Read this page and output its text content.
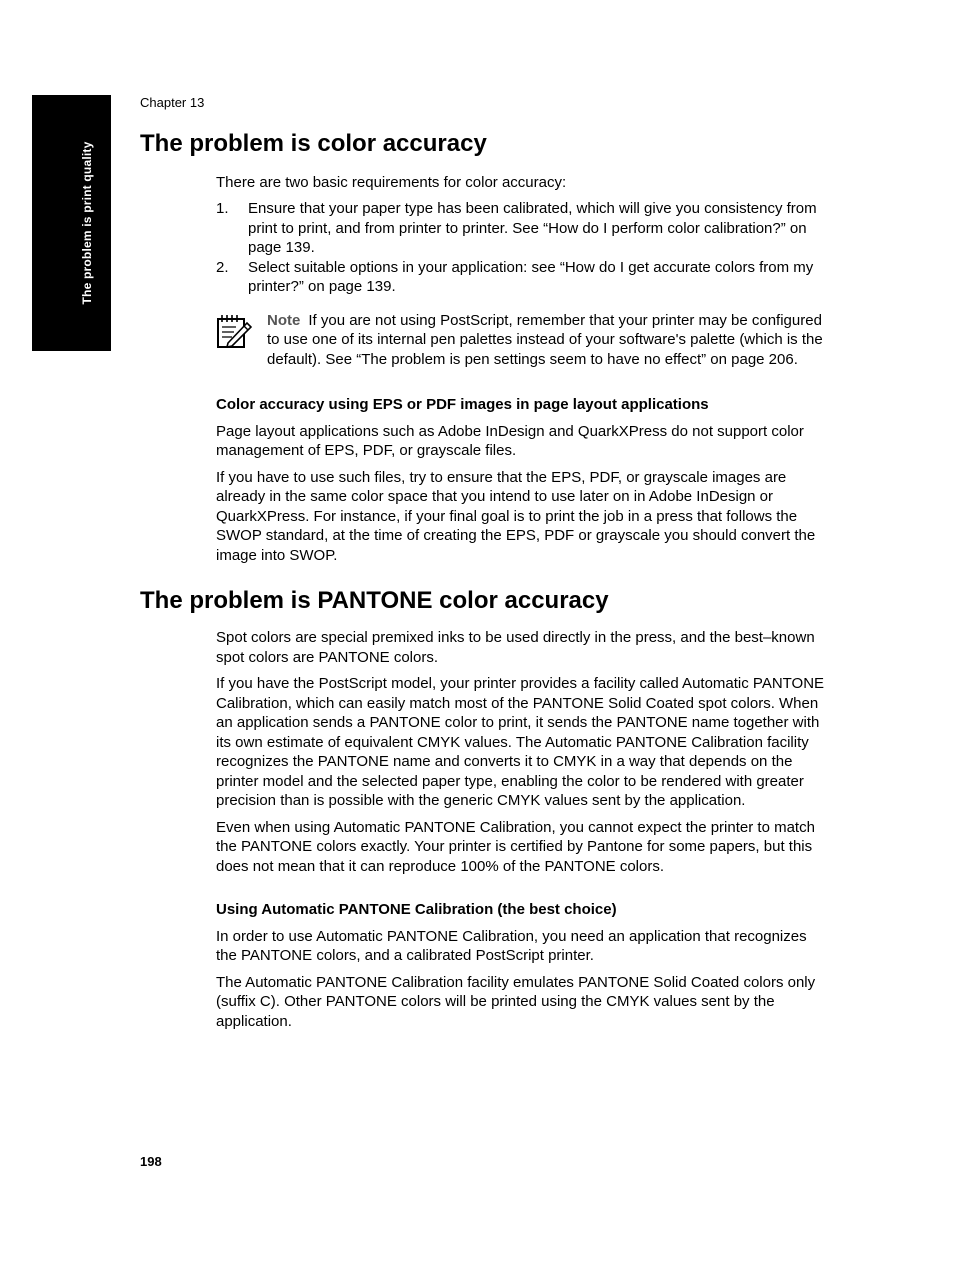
The problem is print quality
Chapter 13
The problem is color accuracy

There are two basic requirements for color accuracy:

1. Ensure that your paper type has been calibrated, which will give you consistency from print to print, and from printer to printer. See “How do I perform color calibration?” on page 139.
2. Select suitable options in your application: see “How do I get accurate colors from my printer?” on page 139.

Note If you are not using PostScript, remember that your printer may be configured to use one of its internal pen palettes instead of your software's palette (which is the default). See “The problem is pen settings seem to have no effect” on page 206.

Color accuracy using EPS or PDF images in page layout applications

Page layout applications such as Adobe InDesign and QuarkXPress do not support color management of EPS, PDF, or grayscale files.

If you have to use such files, try to ensure that the EPS, PDF, or grayscale images are already in the same color space that you intend to use later on in Adobe InDesign or QuarkXPress. For instance, if your final goal is to print the job in a press that follows the SWOP standard, at the time of creating the EPS, PDF or grayscale you should convert the image into SWOP.

The problem is PANTONE color accuracy

Spot colors are special premixed inks to be used directly in the press, and the best–known spot colors are PANTONE colors.

If you have the PostScript model, your printer provides a facility called Automatic PANTONE Calibration, which can easily match most of the PANTONE Solid Coated spot colors. When an application sends a PANTONE color to print, it sends the PANTONE name together with its own estimate of equivalent CMYK values. The Automatic PANTONE Calibration facility recognizes the PANTONE name and converts it to CMYK in a way that depends on the printer model and the selected paper type, enabling the color to be rendered with greater precision than is possible with the generic CMYK values sent by the application.

Even when using Automatic PANTONE Calibration, you cannot expect the printer to match the PANTONE colors exactly. Your printer is certified by Pantone for some papers, but this does not mean that it can reproduce 100% of the PANTONE colors.

Using Automatic PANTONE Calibration (the best choice)

In order to use Automatic PANTONE Calibration, you need an application that recognizes the PANTONE colors, and a calibrated PostScript printer.

The Automatic PANTONE Calibration facility emulates PANTONE Solid Coated colors only (suffix C). Other PANTONE colors will be printed using the CMYK values sent by the application.

198
